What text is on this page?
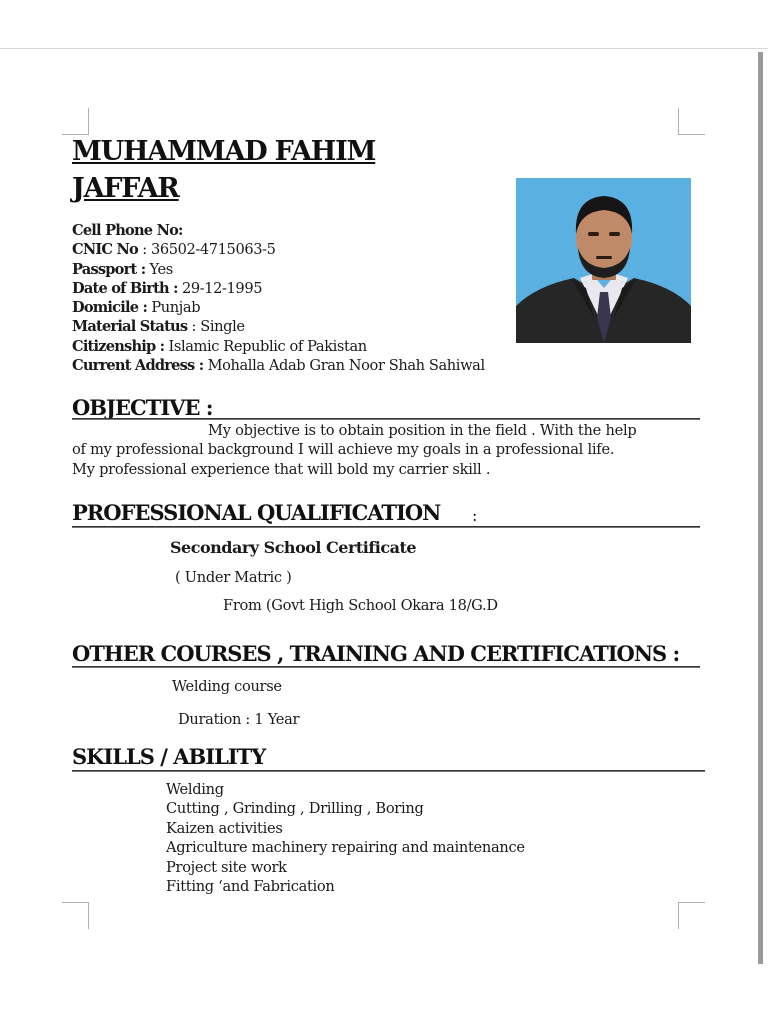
MUHAMMAD FAHIM
JAFFAR
Cell Phone No:
CNIC No : 36502-4715063-5
Passport : Yes
Date of Birth : 29-12-1995
Domicile : Punjab
Material Status : Single
Citizenship : Islamic Republic of Pakistan
Current Address : Mohalla Adab Gran Noor Shah Sahiwal
OBJECTIVE :
My objective is to obtain position in the field . With the help
of my professional background I will achieve my goals in a professional life.
My professional experience that will bold my carrier skill .
PROFESSIONAL QUALIFICATION :
Secondary School Certificate
( Under Matric )
From (Govt High School Okara 18/G.D
OTHER COURSES , TRAINING AND CERTIFICATIONS :
Welding course
Duration : 1 Year
SKILLS / ABILITY
Welding
Cutting , Grinding , Drilling , Boring
Kaizen activities
Agriculture machinery repairing and maintenance
Project site work
Fitting ‘and Fabrication
